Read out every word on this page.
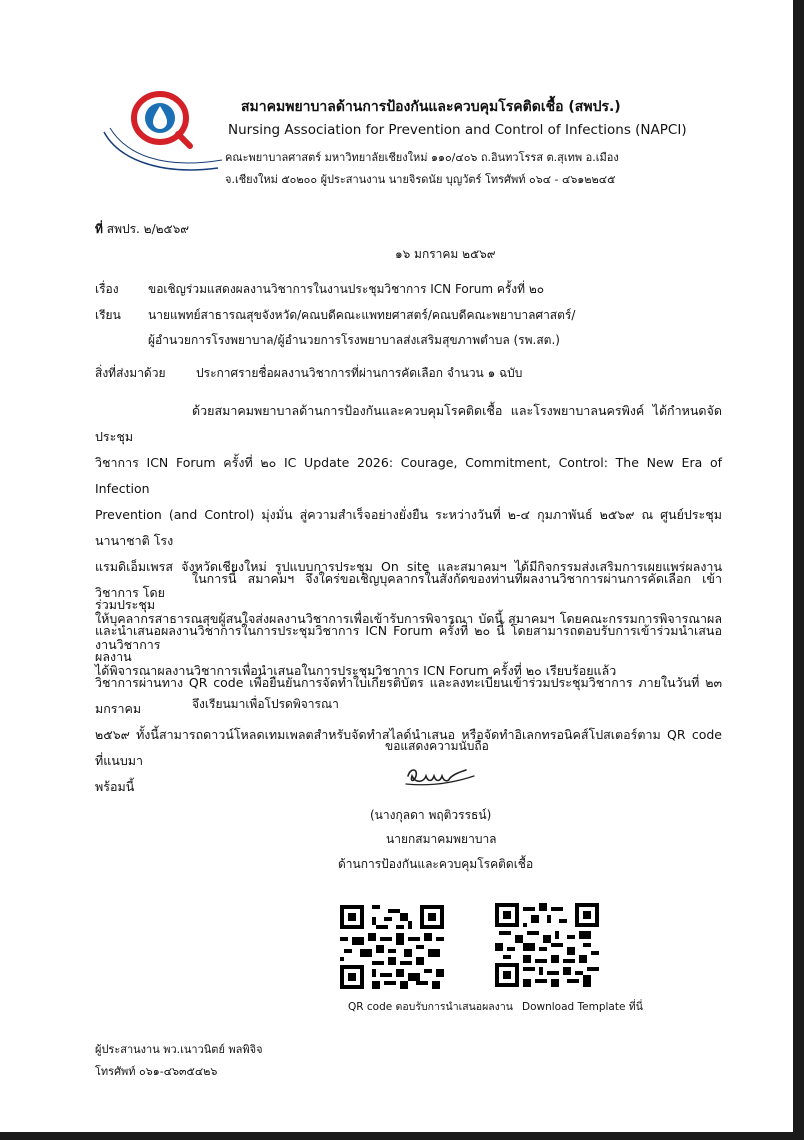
สมาคมพยาบาลด้านการป้องกันและควบคุมโรคติดเชื้อ (สพปร.)
Nursing Association for Prevention and Control of Infections (NAPCI)
คณะพยาบาลศาสตร์ มหาวิทยาลัยเชียงใหม่ ๑๑๐/๔๐๖ ถ.อินทวโรรส ต.สุเทพ อ.เมือง
จ.เชียงใหม่ ๕๐๒๐๐ ผู้ประสานงาน นายจิรดนัย บุญวัตร์ โทรศัพท์ ๐๖๔ - ๔๖๑๒๒๔๕
ที่ สพปร. ๒/๒๕๖๙
๑๖ มกราคม ๒๕๖๙
เรื่อง ขอเชิญร่วมแสดงผลงานวิชาการในงานประชุมวิชาการ ICN Forum ครั้งที่ ๒๐
เรียน นายแพทย์สาธารณสุขจังหวัด/คณบดีคณะแพทยศาสตร์/คณบดีคณะพยาบาลศาสตร์/
ผู้อำนวยการโรงพยาบาล/ผู้อำนวยการโรงพยาบาลส่งเสริมสุขภาพตำบล (รพ.สต.)
สิ่งที่ส่งมาด้วย	ประกาศรายชื่อผลงานวิชาการที่ผ่านการคัดเลือก จำนวน ๑ ฉบับ
ด้วยสมาคมพยาบาลด้านการป้องกันและควบคุมโรคติดเชื้อ และโรงพยาบาลนครพิงค์ ได้กำหนดจัดประชุม
วิชาการ ICN Forum ครั้งที่ ๒๐ IC Update 2026: Courage, Commitment, Control: The New Era of Infection
Prevention (and Control) มุ่งมั่น สู่ความสำเร็จอย่างยั่งยืน ระหว่างวันที่ ๒-๔ กุมภาพันธ์ ๒๕๖๙ ณ ศูนย์ประชุมนานาชาติ โรง
แรมดิเอ็มเพรส จังหวัดเชียงใหม่ รูปแบบการประชุม On site และสมาคมฯ ได้มีกิจกรรมส่งเสริมการเผยแพร่ผลงานวิชาการ โดย
ให้บุคลากรสาธารณสุขผู้สนใจส่งผลงานวิชาการเพื่อเข้ารับการพิจารณา บัดนี้ สมาคมฯ โดยคณะกรรมการพิจารณาผลงานวิชาการ
ได้พิจารณาผลงานวิชาการเพื่อนำเสนอในการประชุมวิชาการ ICN Forum ครั้งที่ ๒๐ เรียบร้อยแล้ว
ในการนี้ สมาคมฯ จึงใคร่ขอเชิญบุคลากรในสังกัดของท่านที่ผลงานวิชาการผ่านการคัดเลือก เข้าร่วมประชุม
และนำเสนอผลงานวิชาการในการประชุมวิชาการ ICN Forum ครั้งที่ ๒๐ นี้ โดยสามารถตอบรับการเข้าร่วมนำเสนอผลงาน
วิชาการผ่านทาง QR code เพื่อยืนยันการจัดทำใบเกียรติบัตร และลงทะเบียนเข้าร่วมประชุมวิชาการ ภายในวันที่ ๒๓ มกราคม
๒๕๖๙ ทั้งนี้สามารถดาวน์โหลดเทมเพลตสำหรับจัดทำสไลด์นำเสนอ หรือจัดทำอิเลกทรอนิคส์โปสเตอร์ตาม QR code ที่แนบมา
พร้อมนี้
จึงเรียนมาเพื่อโปรดพิจารณา
ขอแสดงความนับถือ
(นางกุลดา พฤติวรรธน์)
นายกสมาคมพยาบาล
ด้านการป้องกันและควบคุมโรคติดเชื้อ
QR code ตอบรับการนำเสนอผลงาน Download Template ที่นี่
ผู้ประสานงาน พว.เนาวนิตย์ พลพิจิจ
โทรศัพท์ ๐๖๑-๔๖๓๕๔๒๖
